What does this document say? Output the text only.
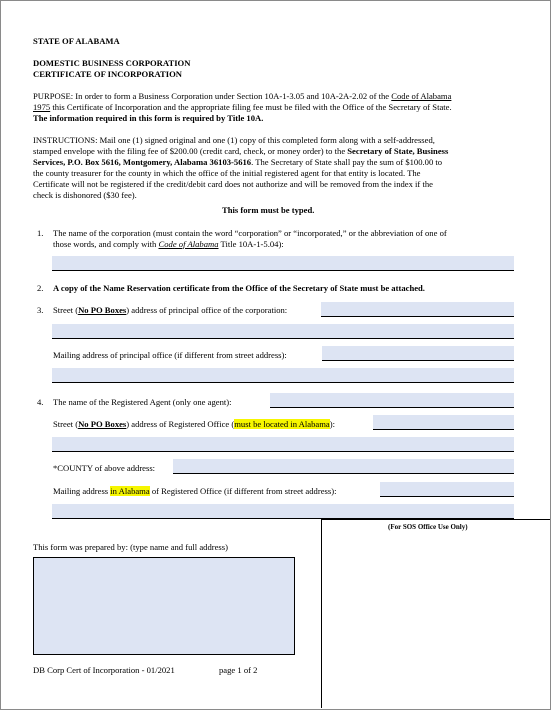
STATE OF ALABAMA
DOMESTIC BUSINESS CORPORATION
CERTIFICATE OF INCORPORATION
PURPOSE: In order to form a Business Corporation under Section 10A-1-3.05 and 10A-2A-2.02 of the Code of Alabama
1975 this Certificate of Incorporation and the appropriate filing fee must be filed with the Office of the Secretary of State.
The information required in this form is required by Title 10A.
INSTRUCTIONS: Mail one (1) signed original and one (1) copy of this completed form along with a self-addressed,
stamped envelope with the filing fee of $200.00 (credit card, check, or money order) to the Secretary of State, Business
Services, P.O. Box 5616, Montgomery, Alabama 36103-5616. The Secretary of State shall pay the sum of $100.00 to
the county treasurer for the county in which the office of the initial registered agent for that entity is located. The
Certificate will not be registered if the credit/debit card does not authorize and will be removed from the index if the
check is dishonored ($30 fee).
This form must be typed.
1. The name of the corporation (must contain the word “corporation” or “incorporated,” or the abbreviation of one of
those words, and comply with Code of Alabama Title 10A-1-5.04):
2. A copy of the Name Reservation certificate from the Office of the Secretary of State must be attached.
3. Street (No PO Boxes) address of principal office of the corporation:
Mailing address of principal office (if different from street address):
4. The name of the Registered Agent (only one agent):
Street (No PO Boxes) address of Registered Office (must be located in Alabama):
*COUNTY of above address:
Mailing address in Alabama of Registered Office (if different from street address):
This form was prepared by: (type name and full address)
(For SOS Office Use Only)
DB Corp Cert of Incorporation - 01/2021	page 1 of 2
